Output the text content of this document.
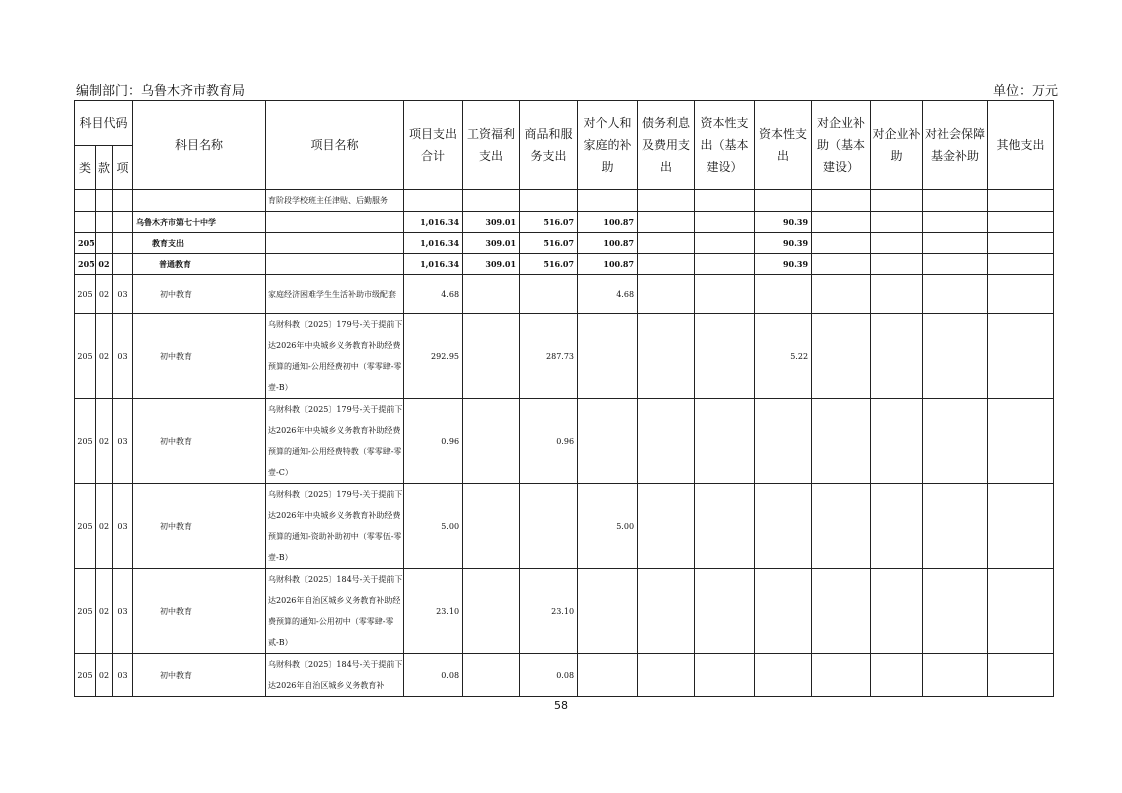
编制部门：乌鲁木齐市教育局	单位：万元
科目代码			科目名称	项目名称	项目支出合计	工资福利支出	商品和服务支出	对个人和家庭的补助	债务利息及费用支出	资本性支出（基本建设）	资本性支出	对企业补助（基本建设）	对企业补助	对社会保障基金补助	其他支出
类	款	项													
				育阶段学校班主任津贴、后勤服务											
			乌鲁木齐市第七十中学		1,016.34	309.01	516.07	100.87			90.39				
205			教育支出		1,016.34	309.01	516.07	100.87			90.39				
205	02		普通教育		1,016.34	309.01	516.07	100.87			90.39				
205	02	03	初中教育	家庭经济困难学生生活补助市级配套	4.68			4.68							
205	02	03	初中教育	乌财科教〔2025〕179号-关于提前下达2026年中央城乡义务教育补助经费预算的通知-公用经费初中（零零肆-零壹-B）	292.95		287.73				5.22				
205	02	03	初中教育	乌财科教〔2025〕179号-关于提前下达2026年中央城乡义务教育补助经费预算的通知-公用经费特教（零零肆-零壹-C）	0.96		0.96								
205	02	03	初中教育	乌财科教〔2025〕179号-关于提前下达2026年中央城乡义务教育补助经费预算的通知-资助补助初中（零零伍-零壹-B）	5.00			5.00							
205	02	03	初中教育	乌财科教〔2025〕184号-关于提前下达2026年自治区城乡义务教育补助经费预算的通知-公用初中（零零肆-零贰-B）	23.10		23.10								
205	02	03	初中教育	乌财科教〔2025〕184号-关于提前下达2026年自治区城乡义务教育补	0.08		0.08								
58
